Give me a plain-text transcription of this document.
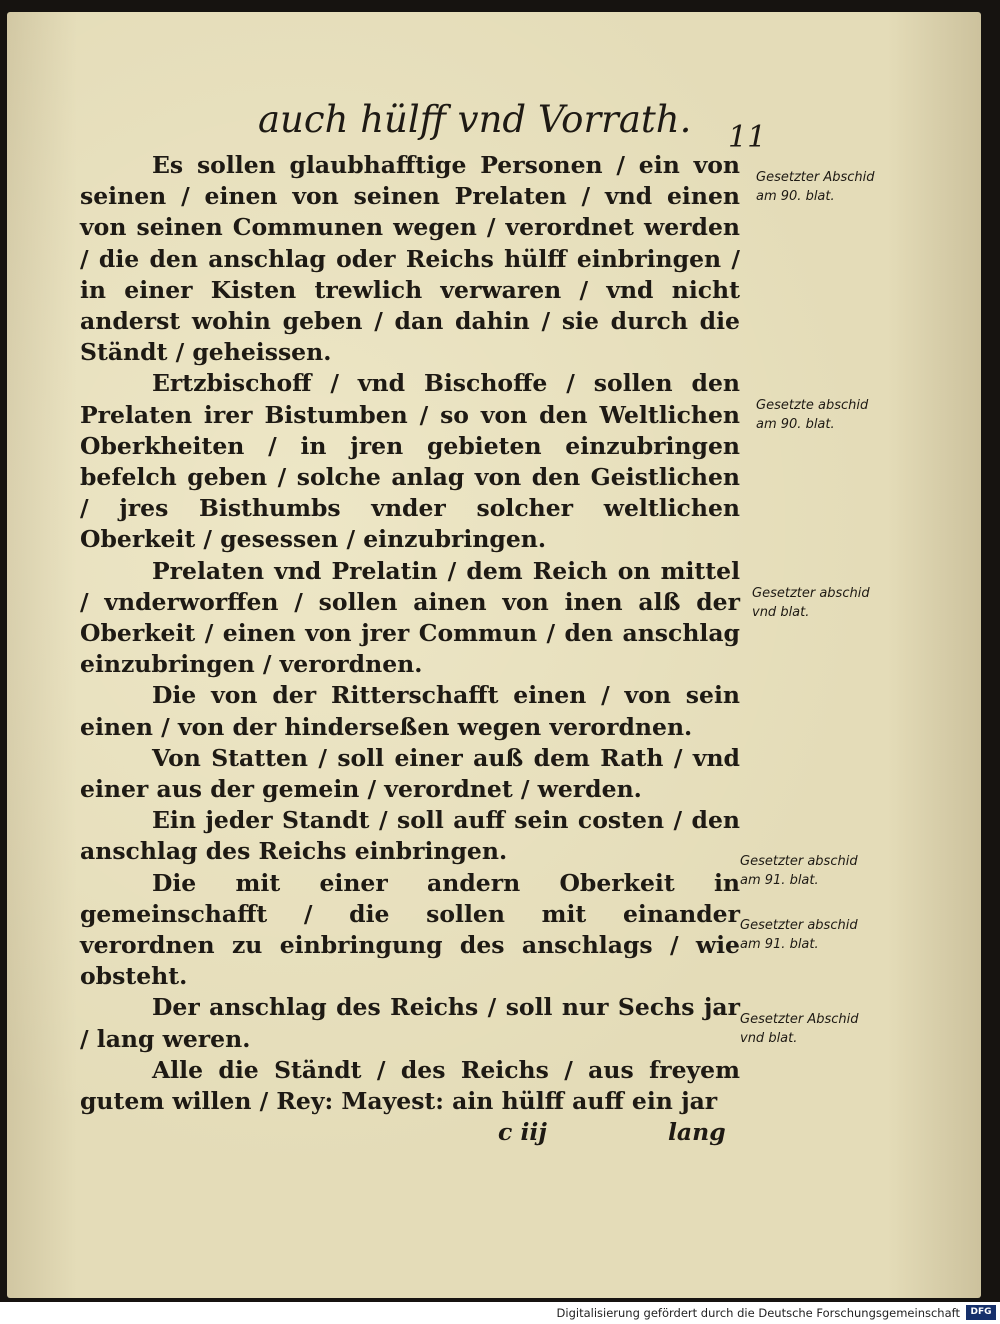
auch hülff vnd Vorrath. 11

Es sollen glaubhafftige Personen / ein von seinen / einen von seinen Prelaten / vnd einen von seinen Communen wegen / verordnet werden / die den anschlag oder Reichs hülff einbringen / in einer Kisten trewlich verwaren / vnd nicht anderst wohin geben / dan dahin / sie durch die Ständt / geheissen.

Ertzbischoff / vnd Bischoffe / sollen den Prelaten irer Bistumben / so von den Weltlichen Oberkheiten / in jren gebieten einzubringen befelch geben / solche anlag von den Geistlichen / jres Bisthumbs vnder solcher weltlichen Oberkeit / gesessen / einzubringen.

Prelaten vnd Prelatin / dem Reich on mittel / vnderworffen / sollen ainen von inen alß der Oberkeit / einen von jrer Commun / den anschlag einzubringen / verordnen.

Die von der Ritterschafft einen / von sein einen / von der hinderseßen wegen verordnen.

Von Statten / soll einer auß dem Rath / vnd einer aus der gemein / verordnet / werden.

Ein jeder Standt / soll auff sein costen / den anschlag des Reichs einbringen.

Die mit einer andern Oberkeit in gemeinschafft / die sollen mit einander verordnen zu einbringung des anschlags / wie obsteht.

Der anschlag des Reichs / soll nur Sechs jar / lang weren.

Alle die Ständt / des Reichs / aus freyem gutem willen / Rey: Mayest: ain hülff auff ein jar

c iij	lang
Gesetzter Abschid am 90. blat.
Gesetzte abschid am 90. blat.
Gesetzter abschid vnd blat.
Gesetzter abschid am 91. blat.
Gesetzter abschid am 91. blat.
Gesetzter Abschid vnd blat.
Digitalisierung gefördert durch die Deutsche Forschungsgemeinschaft	DFG
